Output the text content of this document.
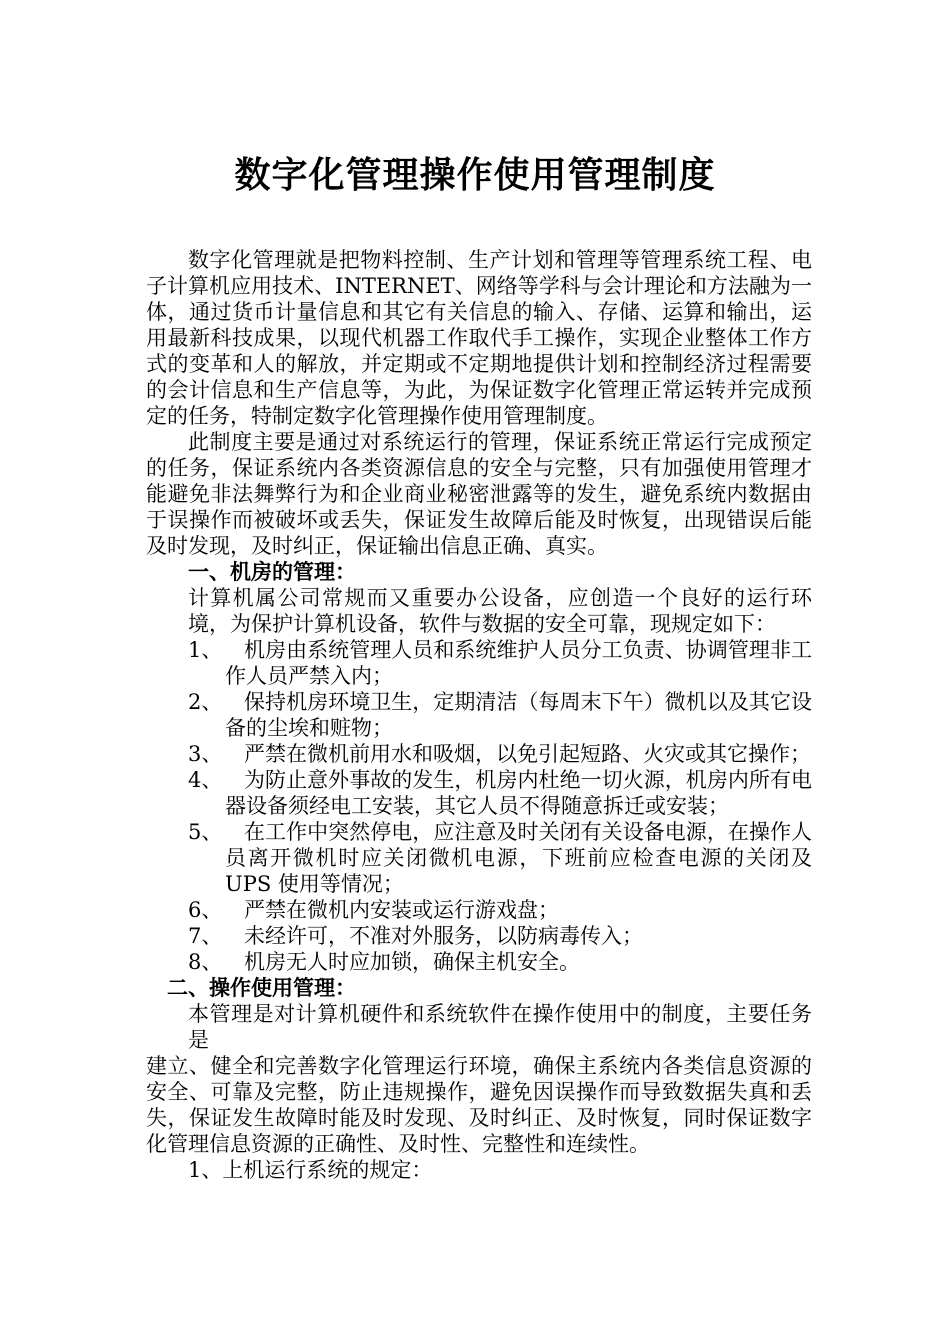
数字化管理操作使用管理制度

数字化管理就是把物料控制、生产计划和管理等管理系统工程、电子计算机应用技术、INTERNET、网络等学科与会计理论和方法融为一体，通过货币计量信息和其它有关信息的输入、存储、运算和输出，运用最新科技成果，以现代机器工作取代手工操作，实现企业整体工作方式的变革和人的解放，并定期或不定期地提供计划和控制经济过程需要的会计信息和生产信息等，为此，为保证数字化管理正常运转并完成预定的任务，特制定数字化管理操作使用管理制度。

此制度主要是通过对系统运行的管理，保证系统正常运行完成预定的任务，保证系统内各类资源信息的安全与完整，只有加强使用管理才能避免非法舞弊行为和企业商业秘密泄露等的发生，避免系统内数据由于误操作而被破坏或丢失，保证发生故障后能及时恢复，出现错误后能及时发现，及时纠正，保证输出信息正确、真实。

一、机房的管理：

计算机属公司常规而又重要办公设备，应创造一个良好的运行环境，为保护计算机设备，软件与数据的安全可靠，现规定如下：

1、	机房由系统管理人员和系统维护人员分工负责、协调管理非工作人员严禁入内；
2、	保持机房环境卫生，定期清洁（每周末下午）微机以及其它设备的尘埃和赃物；
3、	严禁在微机前用水和吸烟，以免引起短路、火灾或其它操作；
4、	为防止意外事故的发生，机房内杜绝一切火源，机房内所有电器设备须经电工安装，其它人员不得随意拆迁或安装；
5、	在工作中突然停电，应注意及时关闭有关设备电源，在操作人员离开微机时应关闭微机电源，下班前应检查电源的关闭及 UPS 使用等情况；
6、	严禁在微机内安装或运行游戏盘；
7、	未经许可，不准对外服务，以防病毒传入；
8、	机房无人时应加锁，确保主机安全。

二、操作使用管理：

本管理是对计算机硬件和系统软件在操作使用中的制度，主要任务是

建立、健全和完善数字化管理运行环境，确保主系统内各类信息资源的安全、可靠及完整，防止违规操作，避免因误操作而导致数据失真和丢失，保证发生故障时能及时发现、及时纠正、及时恢复，同时保证数字化管理信息资源的正确性、及时性、完整性和连续性。

1、上机运行系统的规定：
